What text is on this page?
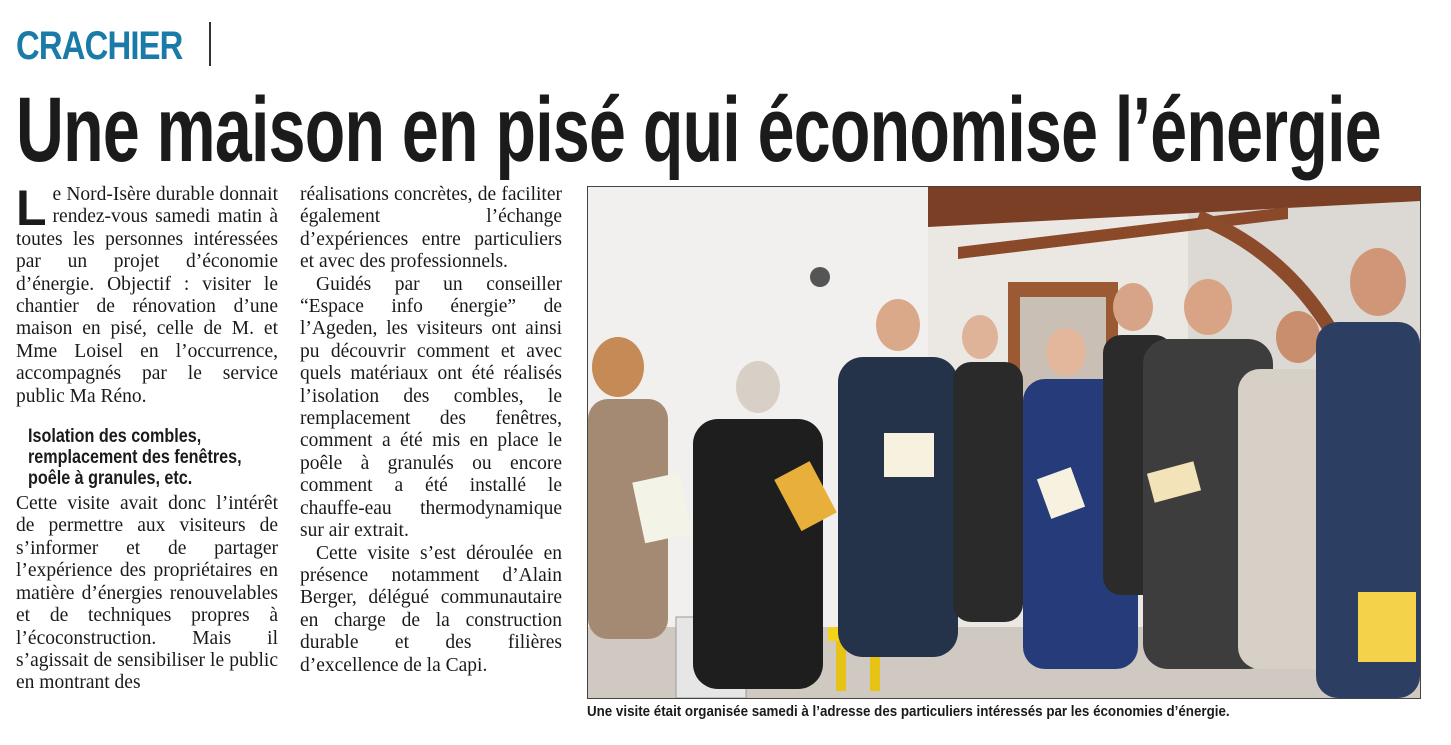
CRACHIER
Une maison en pisé qui économise l’énergie

Le Nord-Isère durable donnait rendez-vous samedi matin à toutes les personnes intéressées par un projet d’économie d’énergie. Objectif : visiter le chantier de rénovation d’une maison en pisé, celle de M. et Mme Loisel en l’occurrence, accompagnés par le service public Ma Réno.

Isolation des combles, remplacement des fenêtres, poêle à granules, etc.

Cette visite avait donc l’intérêt de permettre aux visiteurs de s’informer et de partager l’expérience des propriétaires en matière d’énergies renouvelables et de techniques propres à l’écoconstruction. Mais il s’agissait de sensibiliser le public en montrant des

réalisations concrètes, de faciliter également l’échange d’expériences entre particuliers et avec des professionnels.

Guidés par un conseiller “Espace info énergie” de l’Ageden, les visiteurs ont ainsi pu découvrir comment et avec quels matériaux ont été réalisés l’isolation des combles, le remplacement des fenêtres, comment a été mis en place le poêle à granulés ou encore comment a été installé le chauffe-eau thermodynamique sur air extrait.

Cette visite s’est déroulée en présence notamment d’Alain Berger, délégué communautaire en charge de la construction durable et des filières d’excellence de la Capi.

Une visite était organisée samedi à l’adresse des particuliers intéressés par les économies d’énergie.
